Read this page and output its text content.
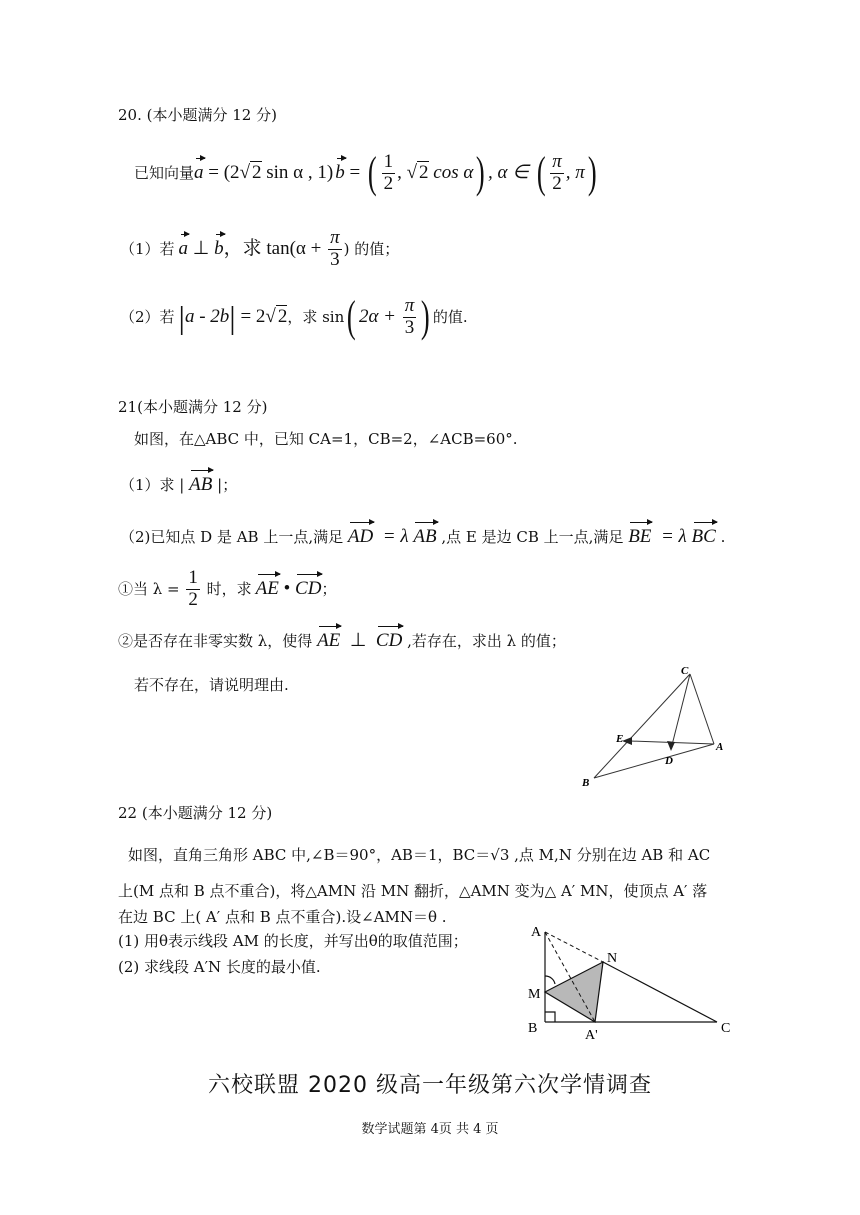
20. (本小题满分 12 分)
已知向量 a = (2 √ 2 sin α , 1) b = ( $\frac{1}{2}$ , √ 2 cos α ) , α ∈ ( $\frac{\pi}{2}$ , π )
（1）若 a ⊥ b ，求 $\tan(\alpha + \frac{\pi}{3}$ ) 的值；
（2）若 | a - 2b | = 2 √ 2 ，求 sin ( $2\alpha + \frac{\pi}{3}$ ) 的值.
21(本小题满分 12 分)
如图，在△ABC 中，已知 CA=1，CB=2，∠ACB=60°.
（1）求 | AB |；
（2)已知点 D 是 AB 上一点,满足 AD  = λ AB ,点 E 是边 CB 上一点,满足 BE  = λ BC .
①当 $\lambda = \frac{1}{2}$ 时，求 AE • CD ；
②是否存在非零实数 λ，使得 AE  ⊥  CD ,若存在，求出 λ 的值；
若不存在，请说明理由.
C
E
A
D
B
22 (本小题满分 12 分)
如图，直角三角形 ABC 中,∠B＝90°，AB＝1，BC＝√3 ,点 M,N 分别在边 AB 和 AC
上(M 点和 B 点不重合)，将△AMN 沿 MN 翻折，△AMN 变为△ A′ MN，使顶点 A′ 落
在边 BC 上( A′ 点和 B 点不重合).设∠AMN＝θ .
(1) 用θ表示线段 AM 的长度，并写出θ的取值范围；
(2) 求线段 A′N 长度的最小值.
A
N
M
B	A'	C
六校联盟 2020 级高一年级第六次学情调查
数学试题第 4页 共 4 页
